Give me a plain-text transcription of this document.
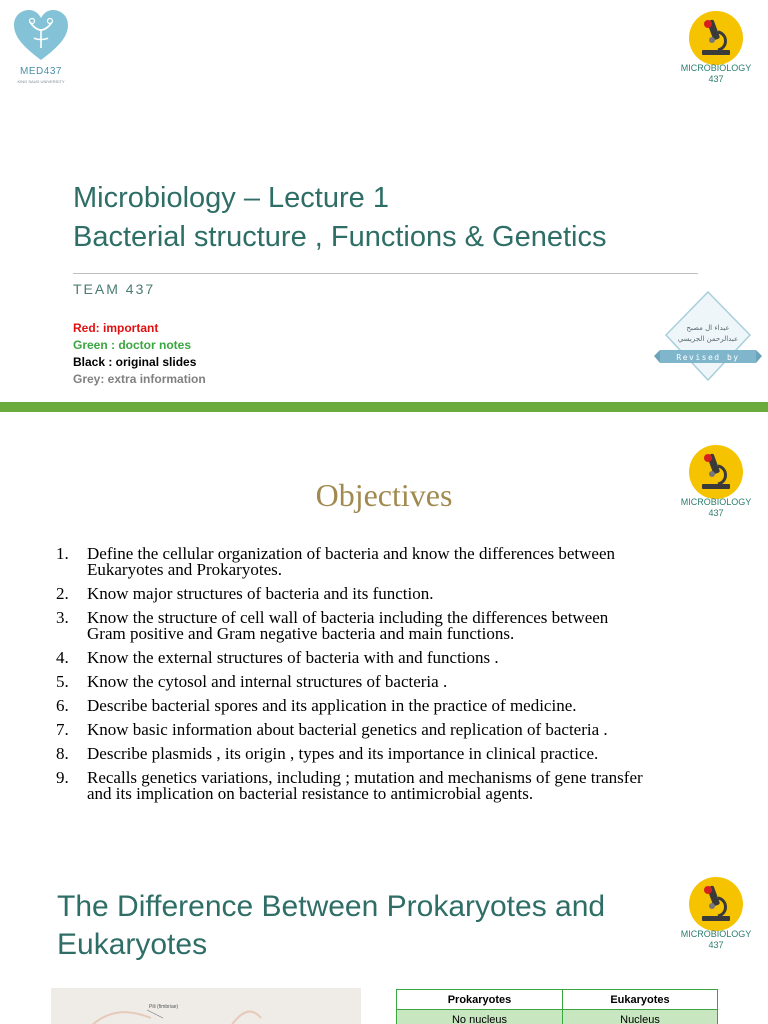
MED437
KING SAUD UNIVERSITY
MICROBIOLOGY
437
Microbiology – Lecture 1
Bacterial structure , Functions & Genetics
TEAM 437
Red: important
Green : doctor notes
Black : original slides
Grey: extra information
عبداء ال مصبح
عبدالرحمن الجريسي
Revised by
MICROBIOLOGY
437
Objectives
1. Define the cellular organization of bacteria and know the differences between
Eukaryotes and Prokaryotes.
2. Know major structures of bacteria and its function.
3. Know the structure of cell wall of bacteria including the differences between
Gram positive and Gram negative bacteria and main functions.
4. Know the external structures of bacteria with and functions .
5. Know the cytosol and internal structures of bacteria .
6. Describe bacterial spores and its application in the practice of medicine.
7. Know basic information about bacterial genetics and replication of bacteria .
8. Describe plasmids , its origin , types and its importance in clinical practice.
9. Recalls genetics variations, including ; mutation and mechanisms of gene transfer
and its implication on bacterial resistance to antimicrobial agents.
MICROBIOLOGY
437
The Difference Between Prokaryotes and
Eukaryotes
Pili (fimbriae)
Prokaryotes	Eukaryotes
No nucleus	Nucleus
